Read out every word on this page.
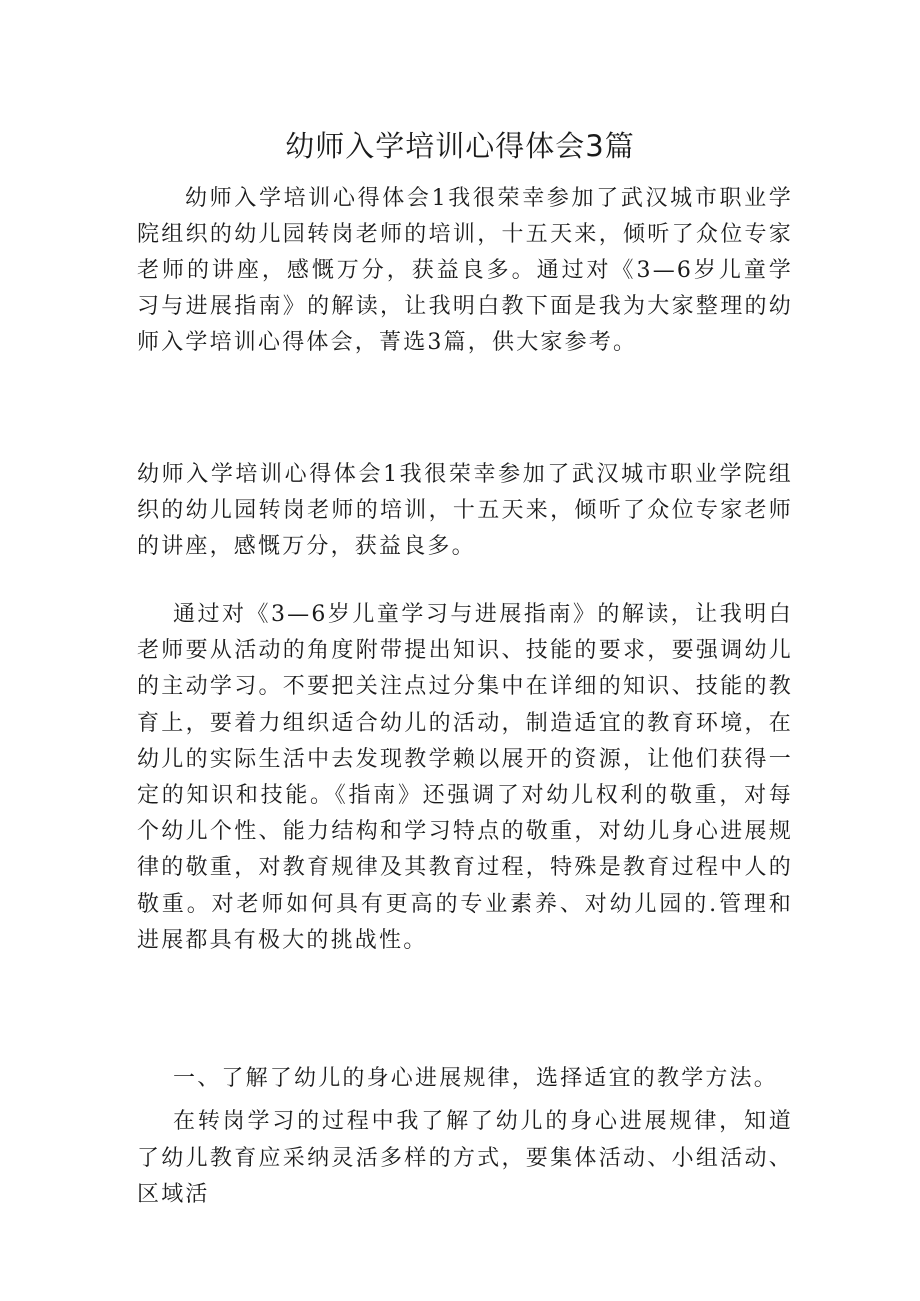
幼师入学培训心得体会3篇

幼师入学培训心得体会1我很荣幸参加了武汉城市职业学院组织的幼儿园转岗老师的培训，十五天来，倾听了众位专家老师的讲座，感慨万分，获益良多。通过对《3—6岁儿童学习与进展指南》的解读，让我明白教下面是我为大家整理的幼师入学培训心得体会，菁选3篇，供大家参考。

幼师入学培训心得体会1我很荣幸参加了武汉城市职业学院组织的幼儿园转岗老师的培训，十五天来，倾听了众位专家老师的讲座，感慨万分，获益良多。

通过对《3—6岁儿童学习与进展指南》的解读，让我明白老师要从活动的角度附带提出知识、技能的要求，要强调幼儿的主动学习。不要把关注点过分集中在详细的知识、技能的教育上，要着力组织适合幼儿的活动，制造适宜的教育环境，在幼儿的实际生活中去发现教学赖以展开的资源，让他们获得一定的知识和技能。《指南》还强调了对幼儿权利的敬重，对每个幼儿个性、能力结构和学习特点的敬重，对幼儿身心进展规律的敬重，对教育规律及其教育过程，特殊是教育过程中人的敬重。对老师如何具有更高的专业素养、对幼儿园的.管理和进展都具有极大的挑战性。

一、了解了幼儿的身心进展规律，选择适宜的教学方法。

在转岗学习的过程中我了解了幼儿的身心进展规律，知道了幼儿教育应采纳灵活多样的方式，要集体活动、小组活动、区域活
